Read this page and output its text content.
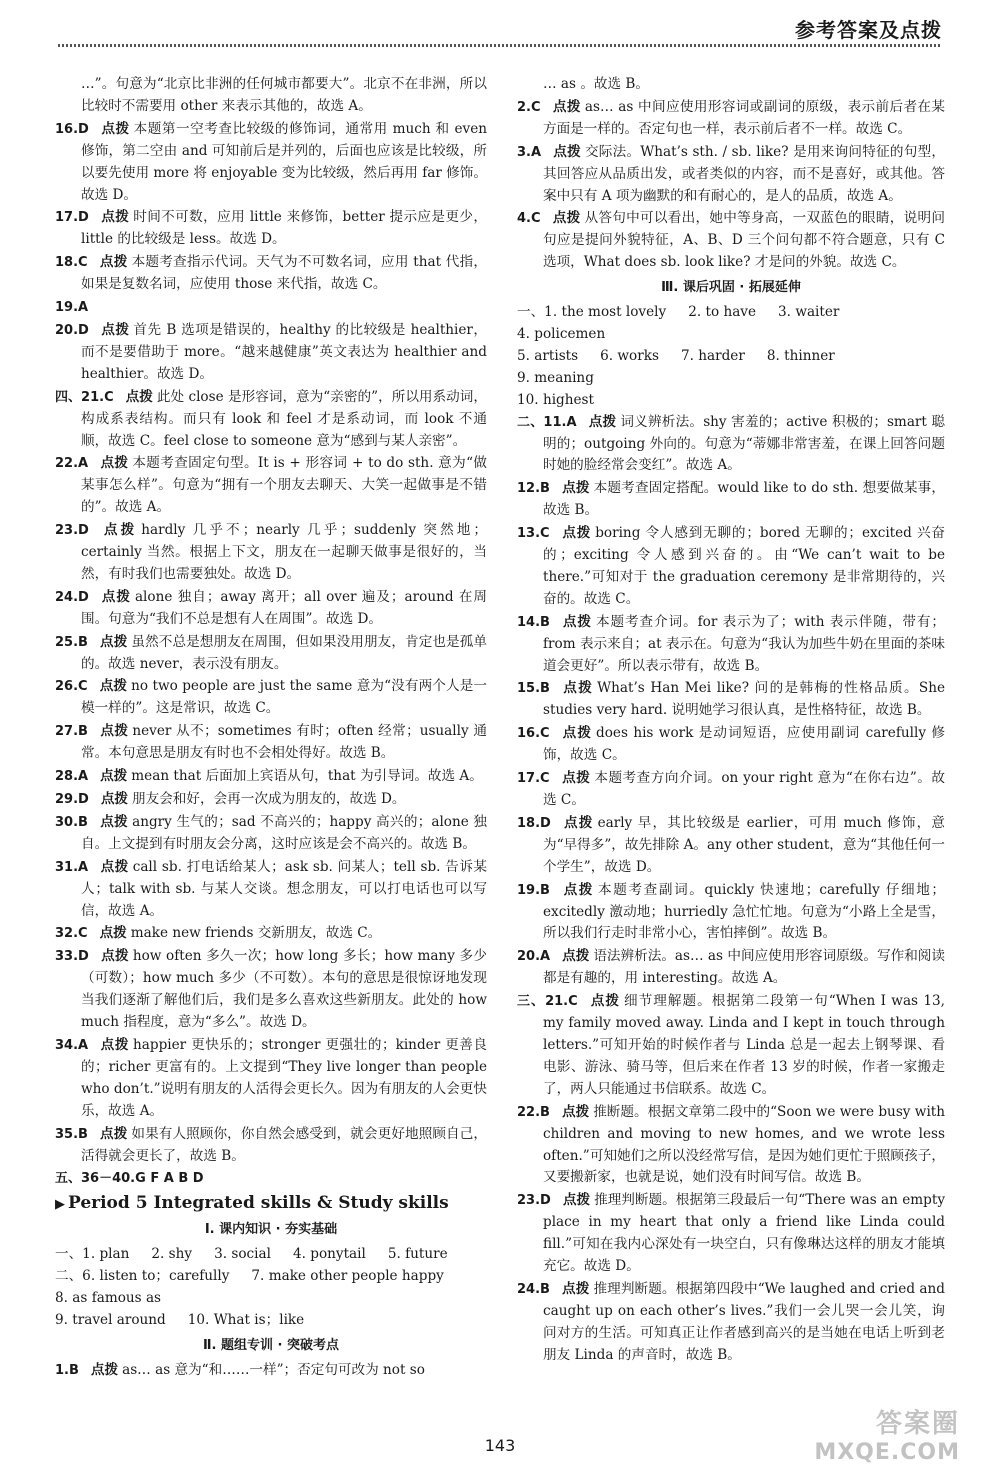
参考答案及点拨

…”。句意为“北京比非洲的任何城市都要大”。北京不在非洲，所以比较时不需要用 other 来表示其他的，故选 A。

16.D 点拨 本题第一空考查比较级的修饰词，通常用 much 和 even 修饰，第二空由 and 可知前后是并列的，后面也应该是比较级，所以要先使用 more 将 enjoyable 变为比较级，然后再用 far 修饰。故选 D。

17.D 点拨 时间不可数，应用 little 来修饰，better 提示应是更少，little 的比较级是 less。故选 D。

18.C 点拨 本题考查指示代词。天气为不可数名词，应用 that 代指，如果是复数名词，应使用 those 来代指，故选 C。

19.A

20.D 点拨 首先 B 选项是错误的，healthy 的比较级是 healthier，而不是要借助于 more。“越来越健康”英文表达为 healthier and healthier。故选 D。

四、21.C 点拨 此处 close 是形容词，意为“亲密的”，所以用系动词，构成系表结构。而只有 look 和 feel 才是系动词，而 look 不通顺，故选 C。feel close to someone 意为“感到与某人亲密”。

22.A 点拨 本题考查固定句型。It is + 形容词 + to do sth. 意为“做某事怎么样”。句意为“拥有一个朋友去聊天、大笑一起做事是不错的”。故选 A。

23.D 点拨 hardly 几乎不；nearly 几乎；suddenly 突然地；certainly 当然。根据上下文，朋友在一起聊天做事是很好的，当然，有时我们也需要独处。故选 D。

24.D 点拨 alone 独自；away 离开；all over 遍及；around 在周围。句意为“我们不总是想有人在周围”。故选 D。

25.B 点拨 虽然不总是想朋友在周围，但如果没用朋友，肯定也是孤单的。故选 never，表示没有朋友。

26.C 点拨 no two people are just the same 意为“没有两个人是一模一样的”。这是常识，故选 C。

27.B 点拨 never 从不；sometimes 有时；often 经常；usually 通常。本句意思是朋友有时也不会相处得好。故选 B。

28.A 点拨 mean that 后面加上宾语从句，that 为引导词。故选 A。

29.D 点拨 朋友会和好，会再一次成为朋友的，故选 D。

30.B 点拨 angry 生气的；sad 不高兴的；happy 高兴的；alone 独自。上文提到有时朋友会分离，这时应该是会不高兴的。故选 B。

31.A 点拨 call sb. 打电话给某人；ask sb. 问某人；tell sb. 告诉某人；talk with sb. 与某人交谈。想念朋友，可以打电话也可以写信，故选 A。

32.C 点拨 make new friends 交新朋友，故选 C。

33.D 点拨 how often 多久一次；how long 多长；how many 多少（可数）；how much 多少（不可数）。本句的意思是很惊讶地发现当我们逐渐了解他们后，我们是多么喜欢这些新朋友。此处的 how much 指程度，意为“多么”。故选 D。

34.A 点拨 happier 更快乐的；stronger 更强壮的；kinder 更善良的；richer 更富有的。上文提到“They live longer than people who don’t.”说明有朋友的人活得会更长久。因为有朋友的人会更快乐，故选 A。

35.B 点拨 如果有人照顾你，你自然会感受到，就会更好地照顾自己，活得就会更长了，故选 B。

五、36－40.G F A B D

▶ Period 5 Integrated skills & Study skills
Ⅰ. 课内知识 · 夯实基础
一、1. plan 2. shy 3. social 4. ponytail 5. future
二、6. listen to；carefully 7. make other people happy
8. as famous as
9. travel around 10. What is；like
Ⅱ. 题组专训 · 突破考点

1.B 点拨 as… as 意为“和……一样”；否定句可改为 not so

… as 。故选 B。

2.C 点拨 as… as 中间应使用形容词或副词的原级，表示前后者在某方面是一样的。否定句也一样，表示前后者不一样。故选 C。

3.A 点拨 交际法。What’s sth. / sb. like? 是用来询问特征的句型，其回答应从品质出发，或者类似的内容，而不是喜好，或其他。答案中只有 A 项为幽默的和有耐心的，是人的品质，故选 A。

4.C 点拨 从答句中可以看出，她中等身高，一双蓝色的眼睛，说明问句应是提问外貌特征，A、B、D 三个问句都不符合题意，只有 C 选项，What does sb. look like? 才是问的外貌。故选 C。

Ⅲ. 课后巩固 · 拓展延伸
一、1. the most lovely 2. to have 3. waiter
4. policemen
5. artists 6. works 7. harder 8. thinner
9. meaning
10. highest

二、11.A 点拨 词义辨析法。shy 害羞的；active 积极的；smart 聪明的；outgoing 外向的。句意为“蒂娜非常害羞，在课上回答问题时她的脸经常会变红”。故选 A。

12.B 点拨 本题考查固定搭配。would like to do sth. 想要做某事，故选 B。

13.C 点拨 boring 令人感到无聊的；bored 无聊的；excited 兴奋的；exciting 令人感到兴奋的。由“We can’t wait to be there.”可知对于 the graduation ceremony 是非常期待的，兴奋的。故选 C。

14.B 点拨 本题考查介词。for 表示为了；with 表示伴随，带有；from 表示来自；at 表示在。句意为“我认为加些牛奶在里面的茶味道会更好”。所以表示带有，故选 B。

15.B 点拨 What’s Han Mei like? 问的是韩梅的性格品质。She studies very hard. 说明她学习很认真，是性格特征，故选 B。

16.C 点拨 does his work 是动词短语，应使用副词 carefully 修饰，故选 C。

17.C 点拨 本题考查方向介词。on your right 意为“在你右边”。故选 C。

18.D 点拨 early 早，其比较级是 earlier，可用 much 修饰，意为“早得多”，故先排除 A。any other student，意为“其他任何一个学生”，故选 D。

19.B 点拨 本题考查副词。quickly 快速地；carefully 仔细地；excitedly 激动地；hurriedly 急忙忙地。句意为“小路上全是雪，所以我们行走时非常小心，害怕摔倒”。故选 B。

20.A 点拨 语法辨析法。as… as 中间应使用形容词原级。写作和阅读都是有趣的，用 interesting。故选 A。

三、21.C 点拨 细节理解题。根据第二段第一句“When I was 13, my family moved away. Linda and I kept in touch through letters.”可知开始的时候作者与 Linda 总是一起去上钢琴课、看电影、游泳、骑马等，但后来在作者 13 岁的时候，作者一家搬走了，两人只能通过书信联系。故选 C。

22.B 点拨 推断题。根据文章第二段中的“Soon we were busy with children and moving to new homes, and we wrote less often.”可知她们之所以没经常写信，是因为她们更忙于照顾孩子，又要搬新家，也就是说，她们没有时间写信。故选 B。

23.D 点拨 推理判断题。根据第三段最后一句“There was an empty place in my heart that only a friend like Linda could fill.”可知在我内心深处有一块空白，只有像琳达这样的朋友才能填充它。故选 D。

24.B 点拨 推理判断题。根据第四段中“We laughed and cried and caught up on each other’s lives.”我们一会儿哭一会儿笑，询问对方的生活。可知真正让作者感到高兴的是当她在电话上听到老朋友 Linda 的声音时，故选 B。

143
答案圈
MXQE.COM
